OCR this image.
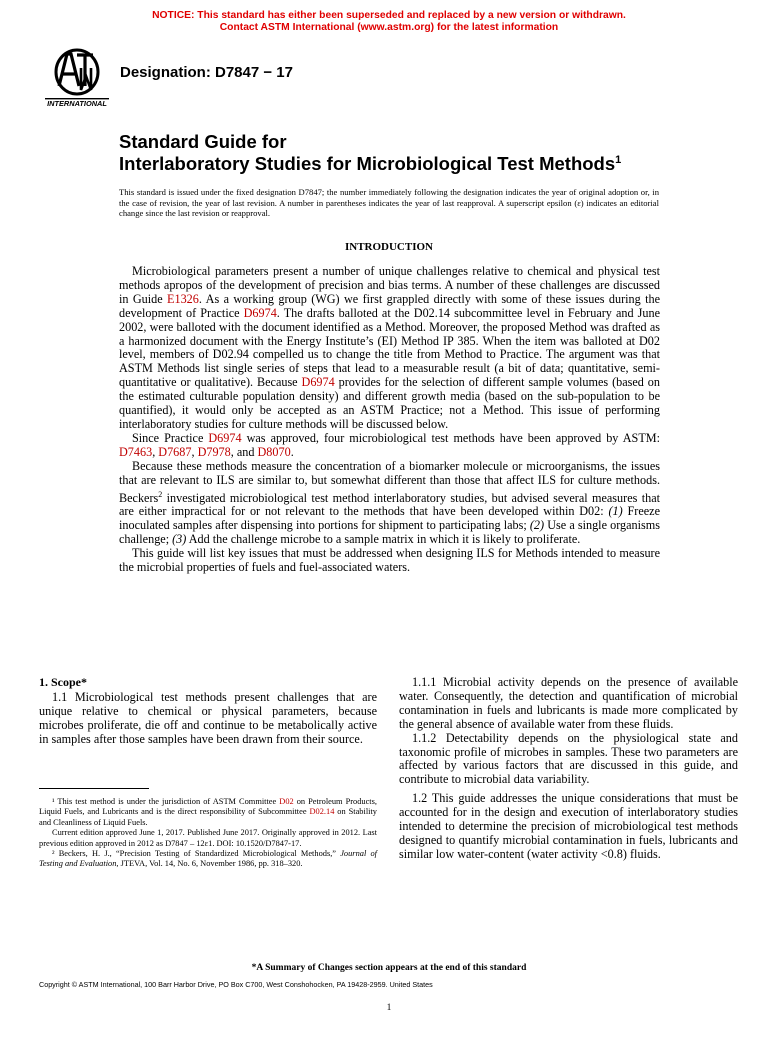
NOTICE: This standard has either been superseded and replaced by a new version or withdrawn.
Contact ASTM International (www.astm.org) for the latest information
INTERNATIONAL
Designation: D7847 − 17
Standard Guide for
Interlaboratory Studies for Microbiological Test Methods$^1$
This standard is issued under the fixed designation D7847; the number immediately following the designation indicates the year of original adoption or, in the case of revision, the year of last revision. A number in parentheses indicates the year of last reapproval. A superscript epsilon (ε) indicates an editorial change since the last revision or reapproval.
INTRODUCTION

Microbiological parameters present a number of unique challenges relative to chemical and physical test methods apropos of the development of precision and bias terms. A number of these challenges are discussed in Guide E1326. As a working group (WG) we first grappled directly with some of these issues during the development of Practice D6974. The drafts balloted at the D02.14 subcommittee level in February and June 2002, were balloted with the document identified as a Method. Moreover, the proposed Method was drafted as a harmonized document with the Energy Institute’s (EI) Method IP 385. When the item was balloted at D02 level, members of D02.94 compelled us to change the title from Method to Practice. The argument was that ASTM Methods list single series of steps that lead to a measurable result (a bit of data; quantitative, semi-quantitative or qualitative). Because D6974 provides for the selection of different sample volumes (based on the estimated culturable population density) and different growth media (based on the sub-population to be quantified), it would only be accepted as an ASTM Practice; not a Method. This issue of performing interlaboratory studies for culture methods will be discussed below.

Since Practice D6974 was approved, four microbiological test methods have been approved by ASTM: D7463, D7687, D7978, and D8070.

Because these methods measure the concentration of a biomarker molecule or microorganisms, the issues that are relevant to ILS are similar to, but somewhat different than those that affect ILS for culture methods. Beckers$^2$ investigated microbiological test method interlaboratory studies, but advised several measures that are either impractical for or not relevant to the methods that have been developed within D02: (1) Freeze inoculated samples after dispensing into portions for shipment to participating labs; (2) Use a single organisms challenge; (3) Add the challenge microbe to a sample matrix in which it is likely to proliferate.

This guide will list key issues that must be addressed when designing ILS for Methods intended to measure the microbial properties of fuels and fuel-associated waters.

1. Scope*

1.1 Microbiological test methods present challenges that are unique relative to chemical or physical parameters, because microbes proliferate, die off and continue to be metabolically active in samples after those samples have been drawn from their source.

¹ This test method is under the jurisdiction of ASTM Committee D02 on Petroleum Products, Liquid Fuels, and Lubricants and is the direct responsibility of Subcommittee D02.14 on Stability and Cleanliness of Liquid Fuels.

Current edition approved June 1, 2017. Published June 2017. Originally approved in 2012. Last previous edition approved in 2012 as D7847 – 12ε1. DOI: 10.1520/D7847-17.

² Beckers, H. J., “Precision Testing of Standardized Microbiological Methods,” Journal of Testing and Evaluation, JTEVA, Vol. 14, No. 6, November 1986, pp. 318–320.

1.1.1 Microbial activity depends on the presence of available water. Consequently, the detection and quantification of microbial contamination in fuels and lubricants is made more complicated by the general absence of available water from these fluids.

1.1.2 Detectability depends on the physiological state and taxonomic profile of microbes in samples. These two parameters are affected by various factors that are discussed in this guide, and contribute to microbial data variability.

1.2 This guide addresses the unique considerations that must be accounted for in the design and execution of interlaboratory studies intended to determine the precision of microbiological test methods designed to quantify microbial contamination in fuels, lubricants and similar low water-content (water activity <0.8) fluids.

*A Summary of Changes section appears at the end of this standard
Copyright © ASTM International, 100 Barr Harbor Drive, PO Box C700, West Conshohocken, PA 19428-2959. United States
1
